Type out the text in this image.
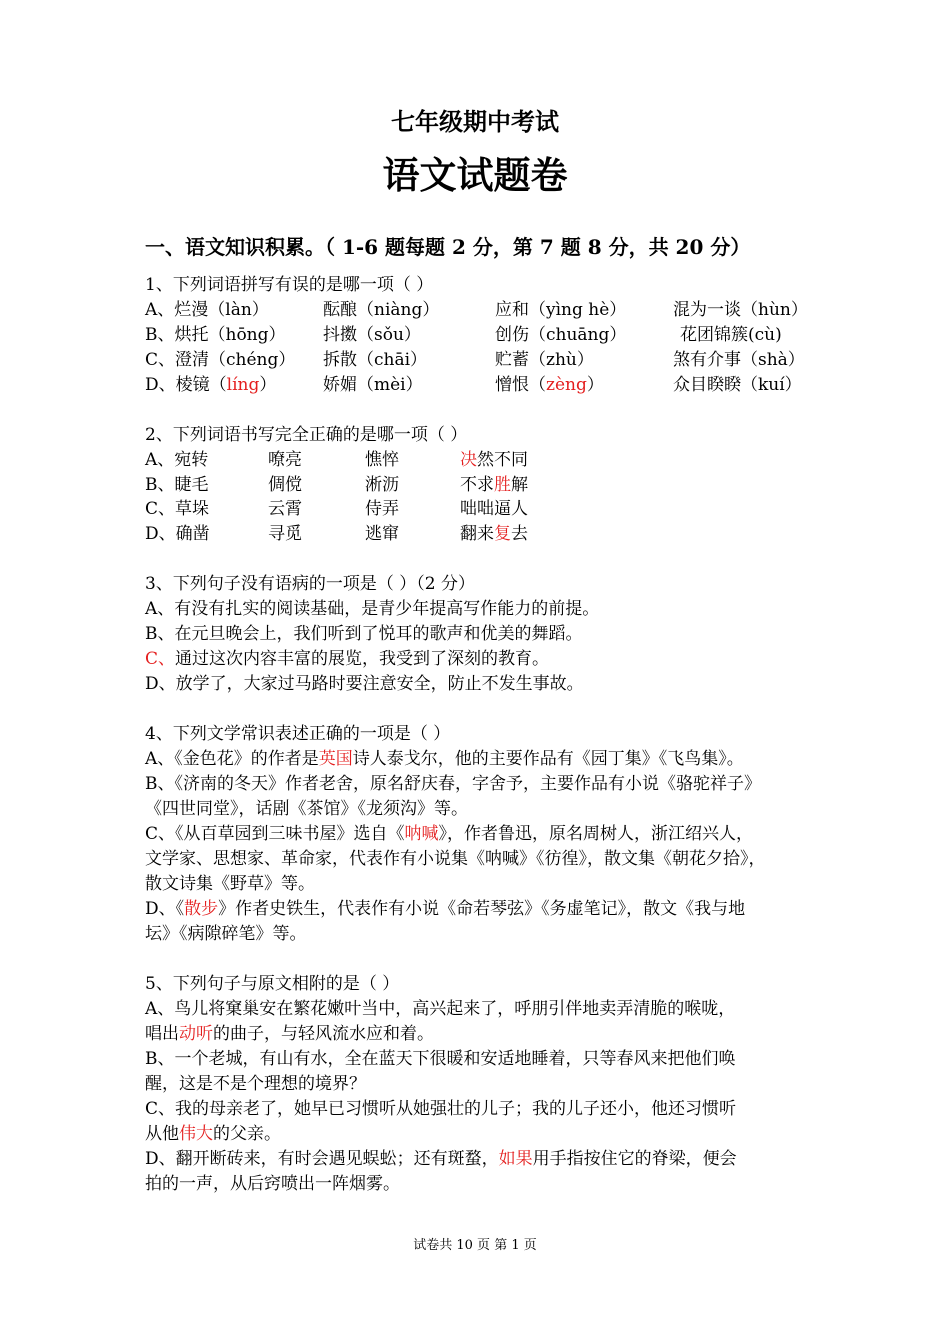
七年级期中考试
语文试题卷
一、语文知识积累。（ 1-6 题每题 2 分，第 7 题 8 分，共 20 分）
1、下列词语拼写有误的是哪一项（ ）
A、烂漫（làn）	酝酿（niàng）	应和（yìng hè）	混为一谈（hùn）
B、烘托（hōng） 抖擞（sǒu）	创伤（chuāng）	花团锦簇(cù)
C、澄清（chéng） 拆散（chāi）	贮蓄（zhù）	煞有介事（shà）
D、棱镜（líng）	娇媚（mèi）	憎恨（zèng）	众目睽睽（kuí）
2、下列词语书写完全正确的是哪一项（ ）
A、宛转	嘹亮	憔悴	决然不同
B、睫毛	倜傥	淅沥	不求胜解
C、草垛	云霄	侍弄	咄咄逼人
D、确凿	寻觅	逃窜	翻来复去
3、下列句子没有语病的一项是（ ）（2 分）
A、有没有扎实的阅读基础，是青少年提高写作能力的前提。
B、在元旦晚会上，我们听到了悦耳的歌声和优美的舞蹈。
C、通过这次内容丰富的展览，我受到了深刻的教育。
D、放学了，大家过马路时要注意安全，防止不发生事故。
4、下列文学常识表述正确的一项是（ ）
A、《金色花》的作者是英国诗人泰戈尔，他的主要作品有《园丁集》《飞鸟集》。
B、《济南的冬天》作者老舍，原名舒庆春，字舍予，主要作品有小说《骆驼祥子》
《四世同堂》，话剧《茶馆》《龙须沟》等。
C、《从百草园到三味书屋》选自《呐喊》，作者鲁迅，原名周树人，浙江绍兴人，
文学家、思想家、革命家，代表作有小说集《呐喊》《彷徨》，散文集《朝花夕拾》，
散文诗集《野草》等。
D、《散步》作者史铁生，代表作有小说《命若琴弦》《务虚笔记》，散文《我与地
坛》《病隙碎笔》等。
5、下列句子与原文相附的是（ ）
A、鸟儿将窠巢安在繁花嫩叶当中，高兴起来了，呼朋引伴地卖弄清脆的喉咙，
唱出动听的曲子，与轻风流水应和着。
B、一个老城，有山有水，全在蓝天下很暖和安适地睡着，只等春风来把他们唤
醒，这是不是个理想的境界？
C、我的母亲老了，她早已习惯听从她强壮的儿子；我的儿子还小，他还习惯听
从他伟大的父亲。
D、翻开断砖来，有时会遇见蜈蚣；还有斑蝥，如果用手指按住它的脊梁，便会
拍的一声，从后窍喷出一阵烟雾。
试卷共 10 页 第 1 页
